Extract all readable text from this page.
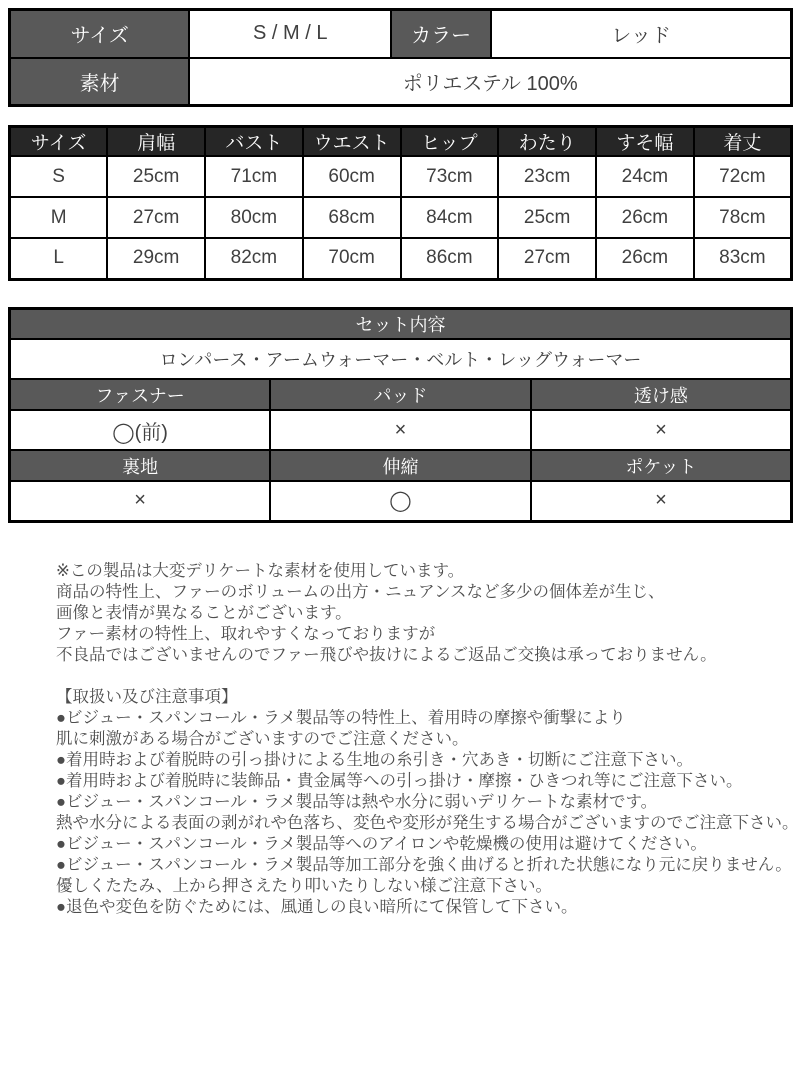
サイズ	S / M / L	カラー	レッド
素材	ポリエステル 100%		
サイズ	肩幅	バスト	ウエスト	ヒップ	わたり	すそ幅	着丈
S	25cm	71cm	60cm	73cm	23cm	24cm	72cm
M	27cm	80cm	68cm	84cm	25cm	26cm	78cm
L	29cm	82cm	70cm	86cm	27cm	26cm	83cm
セット内容		
ロンパース・アームウォーマー・ベルト・レッグウォーマー		
ファスナー	パッド	透け感
◯(前)	×	×
裏地	伸縮	ポケット
×	◯	×
※この製品は大変デリケートな素材を使用しています。
商品の特性上、ファーのボリュームの出方・ニュアンスなど多少の個体差が生じ、
画像と表情が異なることがございます。
ファー素材の特性上、取れやすくなっておりますが
不良品ではございませんのでファー飛びや抜けによるご返品ご交換は承っておりません。
【取扱い及び注意事項】
●ビジュー・スパンコール・ラメ製品等の特性上、着用時の摩擦や衝撃により
肌に刺激がある場合がございますのでご注意ください。
●着用時および着脱時の引っ掛けによる生地の糸引き・穴あき・切断にご注意下さい。
●着用時および着脱時に装飾品・貴金属等への引っ掛け・摩擦・ひきつれ等にご注意下さい。
●ビジュー・スパンコール・ラメ製品等は熱や水分に弱いデリケートな素材です。
熱や水分による表面の剥がれや色落ち、変色や変形が発生する場合がございますのでご注意下さい。
●ビジュー・スパンコール・ラメ製品等へのアイロンや乾燥機の使用は避けてください。
●ビジュー・スパンコール・ラメ製品等加工部分を強く曲げると折れた状態になり元に戻りません。
優しくたたみ、上から押さえたり叩いたりしない様ご注意下さい。
●退色や変色を防ぐためには、風通しの良い暗所にて保管して下さい。
